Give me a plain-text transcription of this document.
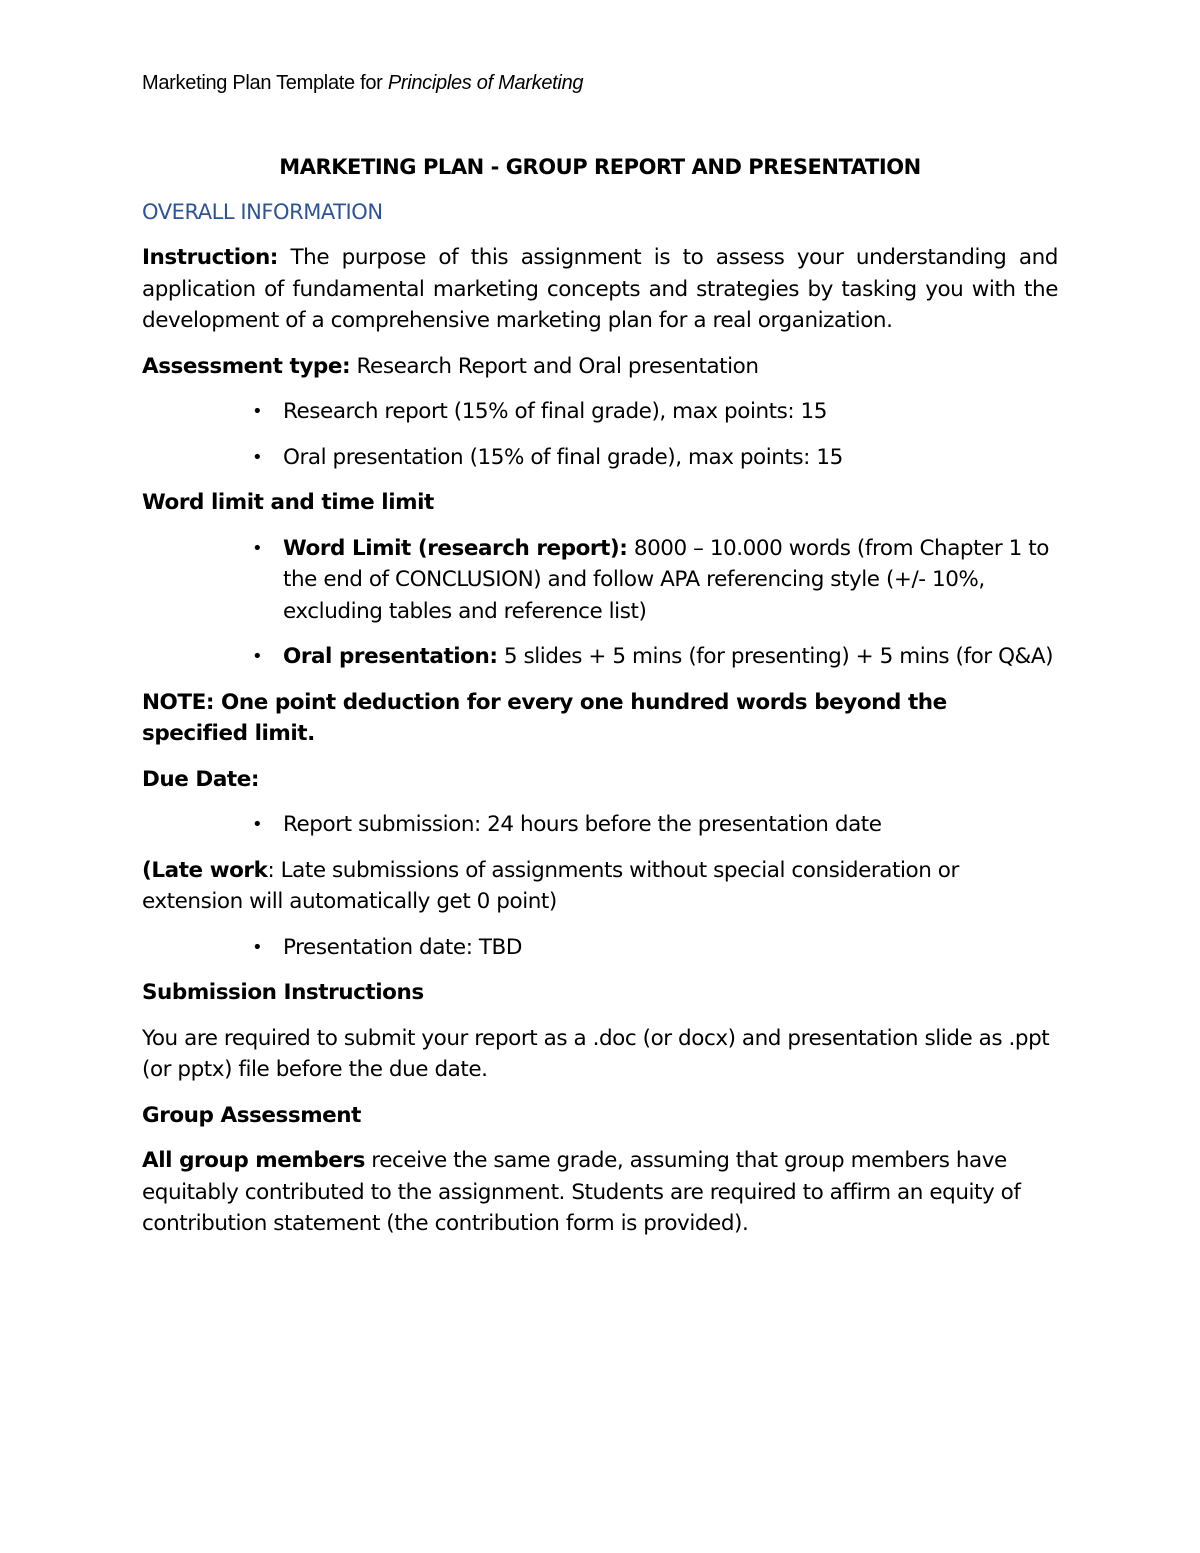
Marketing Plan Template for Principles of Marketing

MARKETING PLAN - GROUP REPORT AND PRESENTATION

OVERALL INFORMATION

Instruction: The purpose of this assignment is to assess your understanding and application of fundamental marketing concepts and strategies by tasking you with the development of a comprehensive marketing plan for a real organization.

Assessment type: Research Report and Oral presentation

• Research report (15% of final grade), max points: 15
• Oral presentation (15% of final grade), max points: 15

Word limit and time limit

• Word Limit (research report): 8000 – 10.000 words (from Chapter 1 to the end of CONCLUSION) and follow APA referencing style (+/- 10%, excluding tables and reference list)
• Oral presentation: 5 slides + 5 mins (for presenting) + 5 mins (for Q&A)

NOTE: One point deduction for every one hundred words beyond the specified limit.

Due Date:

• Report submission: 24 hours before the presentation date

(Late work: Late submissions of assignments without special consideration or extension will automatically get 0 point)

• Presentation date: TBD

Submission Instructions

You are required to submit your report as a .doc (or docx) and presentation slide as .ppt (or pptx) file before the due date.

Group Assessment

All group members receive the same grade, assuming that group members have equitably contributed to the assignment. Students are required to affirm an equity of contribution statement (the contribution form is provided).
